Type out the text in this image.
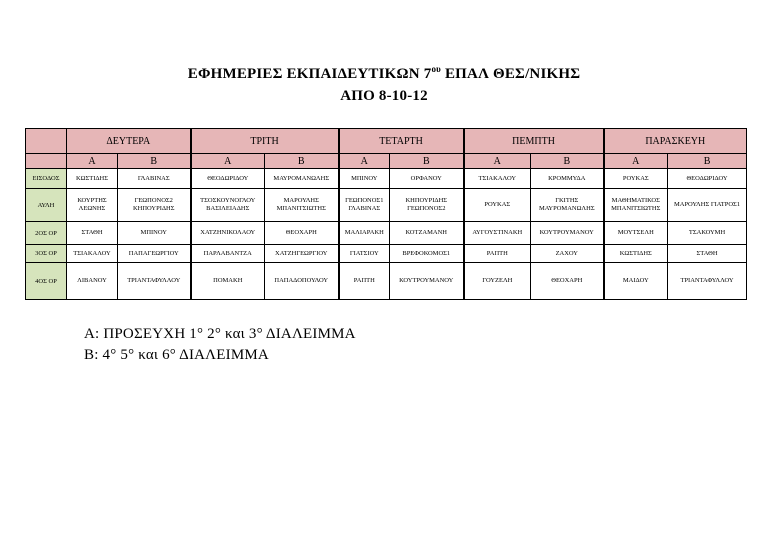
ΕΦΗΜΕΡΙΕΣ ΕΚΠΑΙΔΕΥΤΙΚΩΝ $7^{o\upsilon}$ ΕΠΑΛ ΘΕΣ/ΝΙΚΗΣ
ΑΠΟ 8-10-12
	ΔΕΥΤΕΡΑ		ΤΡΙΤΗ		ΤΕΤΑΡΤΗ		ΠΕΜΠΤΗ		ΠΑΡΑΣΚΕΥΗ	
	Α	Β	Α	Β	Α	Β	Α	Β	Α	Β
ΕΙΣΟΔΟΣ	ΚΩΣΤΙΔΗΣ	ΓΛΑΒΙΝΑΣ	ΘΕΟΔΩΡΙΔΟΥ	ΜΑΥΡΟΜΑΝΩΛΗΣ	ΜΠΙΝΟΥ	ΟΡΦΑΝΟΥ	ΤΣΙΑΚΑΛΟΥ	ΚΡΟΜΜΥΔΑ	ΡΟΥΚΑΣ	ΘΕΟΔΩΡΙΔΟΥ
ΑΥΛΗ	ΚΟΥΡΤΗΣ ΛΕΩΝΗΣ	ΓΕΩΠΟΝΟΣ2 ΚΗΠΟΥΡΙΔΗΣ	ΤΣΟΣΚΟΥΝΟΓΛΟΥ ΒΑΣΙΛΕΙΑΔΗΣ	ΜΑΡΟΥΛΗΣ ΜΠΑΝΙΤΣΙΩΤΗΣ	ΓΕΩΠΟΝΟΣ1 ΓΛΑΒΙΝΑΣ	ΚΗΠΟΥΡΙΔΗΣ ΓΕΩΠΟΝΟΣ2	ΡΟΥΚΑΣ	ΓΚΙΤΗΣ ΜΑΥΡΟΜΑΝΩΛΗΣ	ΜΑΘΗΜΑΤΙΚΟΣ ΜΠΑΝΙΤΣΙΩΤΗΣ	ΜΑΡΟΥΛΗΣ ΓΙΑΤΡΟΣ1
2ΟΣ ΟΡ	ΣΤΑΘΗ	ΜΠΙΝΟΥ	ΧΑΤΖΗΝΙΚΟΛΑΟΥ	ΘΕΟΧΑΡΗ	ΜΑΛΙΑΡΑΚΗ	ΚΟΤΖΑΜΑΝΗ	ΑΥΓΟΥΣΤΙΝΑΚΗ	ΚΟΥΤΡΟΥΜΑΝΟΥ	ΜΟΥΤΣΕΛΗ	ΤΣΑΚΟΥΜΗ
3ΟΣ ΟΡ	ΤΣΙΑΚΑΛΟΥ	ΠΑΠΑΓΕΩΡΓΙΟΥ	ΠΑΡΛΑΒΑΝΤΖΑ	ΧΑΤΖΗΓΕΩΡΓΙΟΥ	ΓΙΑΤΣΙΟΥ	ΒΡΕΦΟΚΟΜΟΣ1	ΡΑΠΤΗ	ΖΑΧΟΥ	ΚΩΣΤΙΔΗΣ	ΣΤΑΘΗ
4ΟΣ ΟΡ	ΛΙΒΑΝΟΥ	ΤΡΙΑΝΤΑΦΥΛΛΟΥ	ΠΟΜΑΚΗ	ΠΑΠΑΔΟΠΟΥΛΟΥ	ΡΑΠΤΗ	ΚΟΥΤΡΟΥΜΑΝΟΥ	ΓΟΥΖΕΛΗ	ΘΕΟΧΑΡΗ	ΜΑΙΔΟΥ	ΤΡΙΑΝΤΑΦΥΛΛΟΥ
Α: ΠΡΟΣΕΥΧΗ 1° 2° και 3° ΔΙΑΛΕΙΜΜΑ
Β: 4° 5° και 6° ΔΙΑΛΕΙΜΜΑ
